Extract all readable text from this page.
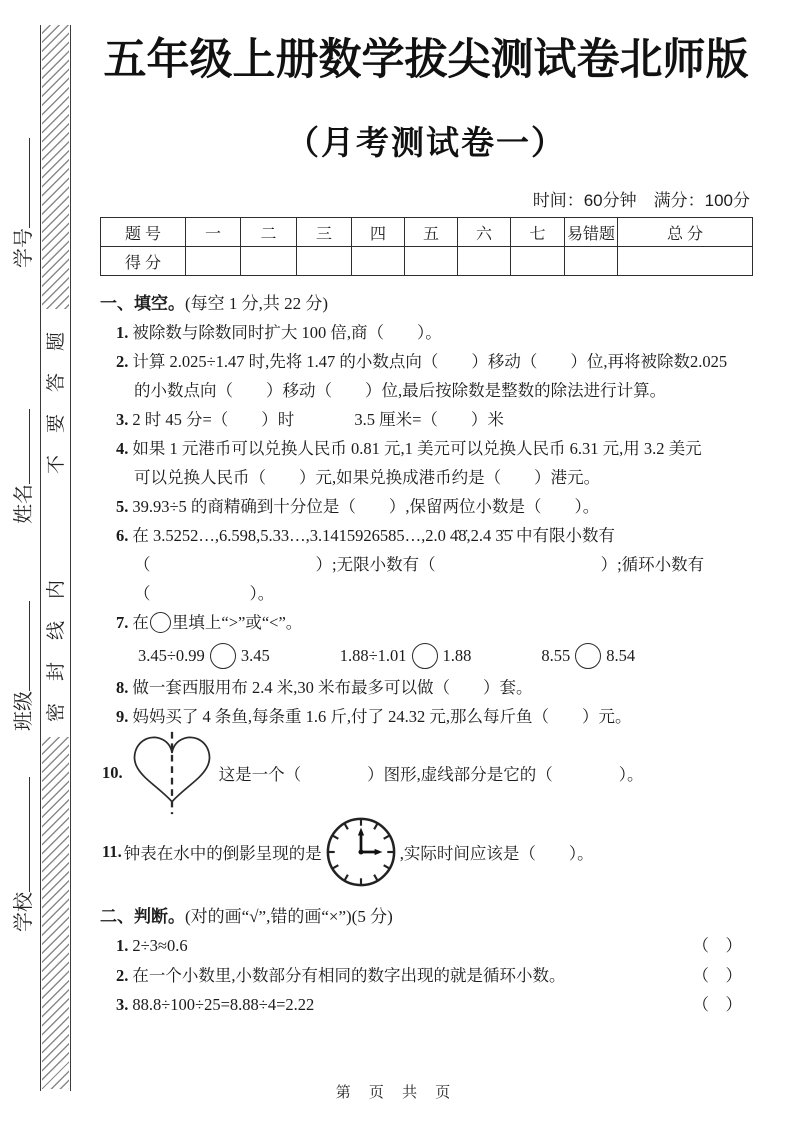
学号
姓名
班级
学校
不要答题
密封线内
五年级上册数学拔尖测试卷北师版
（月考测试卷一）
时间：60分钟　满分：100分
题 号	一	二	三	四	五	六	七	易错题	总 分
得 分									

一、填空。(每空 1 分,共 22 分)

1. 被除数与除数同时扩大 100 倍,商（　　）。

2. 计算 2.025÷1.47 时,先将 1.47 的小数点向（　　）移动（　　）位,再将被除数2.025

的小数点向（　　）移动（　　）位,最后按除数是整数的除法进行计算。

3. 2 时 45 分=（　　）时	3.5 厘米=（　　）米

4. 如果 1 元港币可以兑换人民币 0.81 元,1 美元可以兑换人民币 6.31 元,用 3.2 美元

可以兑换人民币（　　）元,如果兑换成港币约是（　　）港元。

5. 39.93÷5 的商精确到十分位是（　　）,保留两位小数是（　　）。

6. 在 3.5252…,6.598,5.33…,3.1415926585…,2.0 4̇8̇,2.4 3̇5̇ 中有限小数有

（　　　　　　　　　　）;无限小数有（　　　　　　　　　　）;循环小数有

（　　　　　　）。

7. 在 里填上“>”或“<”。

3.45÷0.99 3.45	1.88÷1.01 1.88	8.55 8.54

8. 做一套西服用布 2.4 米,30 米布最多可以做（　　）套。

9. 妈妈买了 4 条鱼,每条重 1.6 斤,付了 24.32 元,那么每斤鱼（　　）元。

10.	这是一个（　　　　）图形,虚线部分是它的（　　　　）。
11. 钟表在水中的倒影呈现的是	,实际时间应该是（　　）。

二、判断。(对的画“√”,错的画“×”)(5 分)

1. 2÷3≈0.6	（　）
2. 在一个小数里,小数部分有相同的数字出现的就是循环小数。	（　）
3. 88.8÷100÷25=8.88÷4=2.22	（　）
第 页 共 页
